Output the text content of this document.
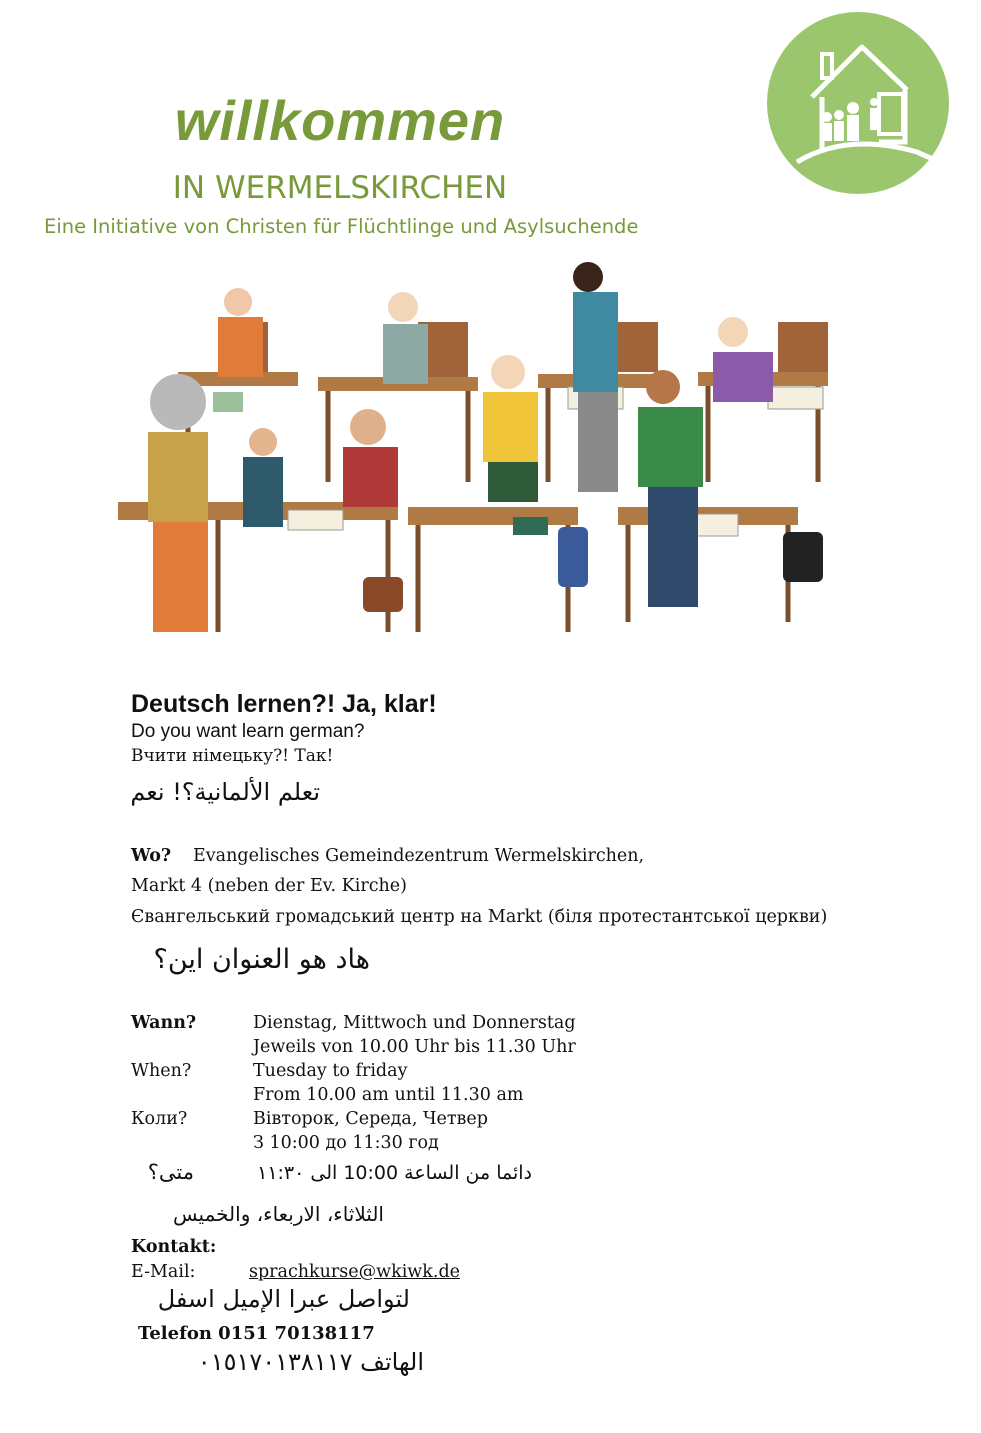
willkommen
IN WERMELSKIRCHEN
Eine Initiative von Christen für Flüchtlinge und Asylsuchende
Deutsch lernen?! Ja, klar!
Do you want learn german?
Вчити німецьку?! Так!
تعلم الألمانية؟! نعم
Wo? Evangelisches Gemeindezentrum Wermelskirchen,
Markt 4 (neben der Ev. Kirche)
Євангельський громадський центр на Markt (біля протестантської церкви)
هاد هو العنوان اين؟
Wann?	Dienstag, Mittwoch und Donnerstag
Jeweils von 10.00 Uhr bis 11.30 Uhr
When?	Tuesday to friday
From 10.00 am until 11.30 am
Коли?	Вівторок, Середа, Четвер
З 10:00 до 11:30 год
متى؟	دائما من الساعة 10:00 الى ١١:٣٠
الثلاثاء، الاربعاء، والخميس
Kontakt:
E-Mail:	sprachkurse@wkiwk.de
لتواصل عبرا الإميل اسفل
Telefon 0151 70138117
الهاتف ٠١٥١٧٠١٣٨١١٧
